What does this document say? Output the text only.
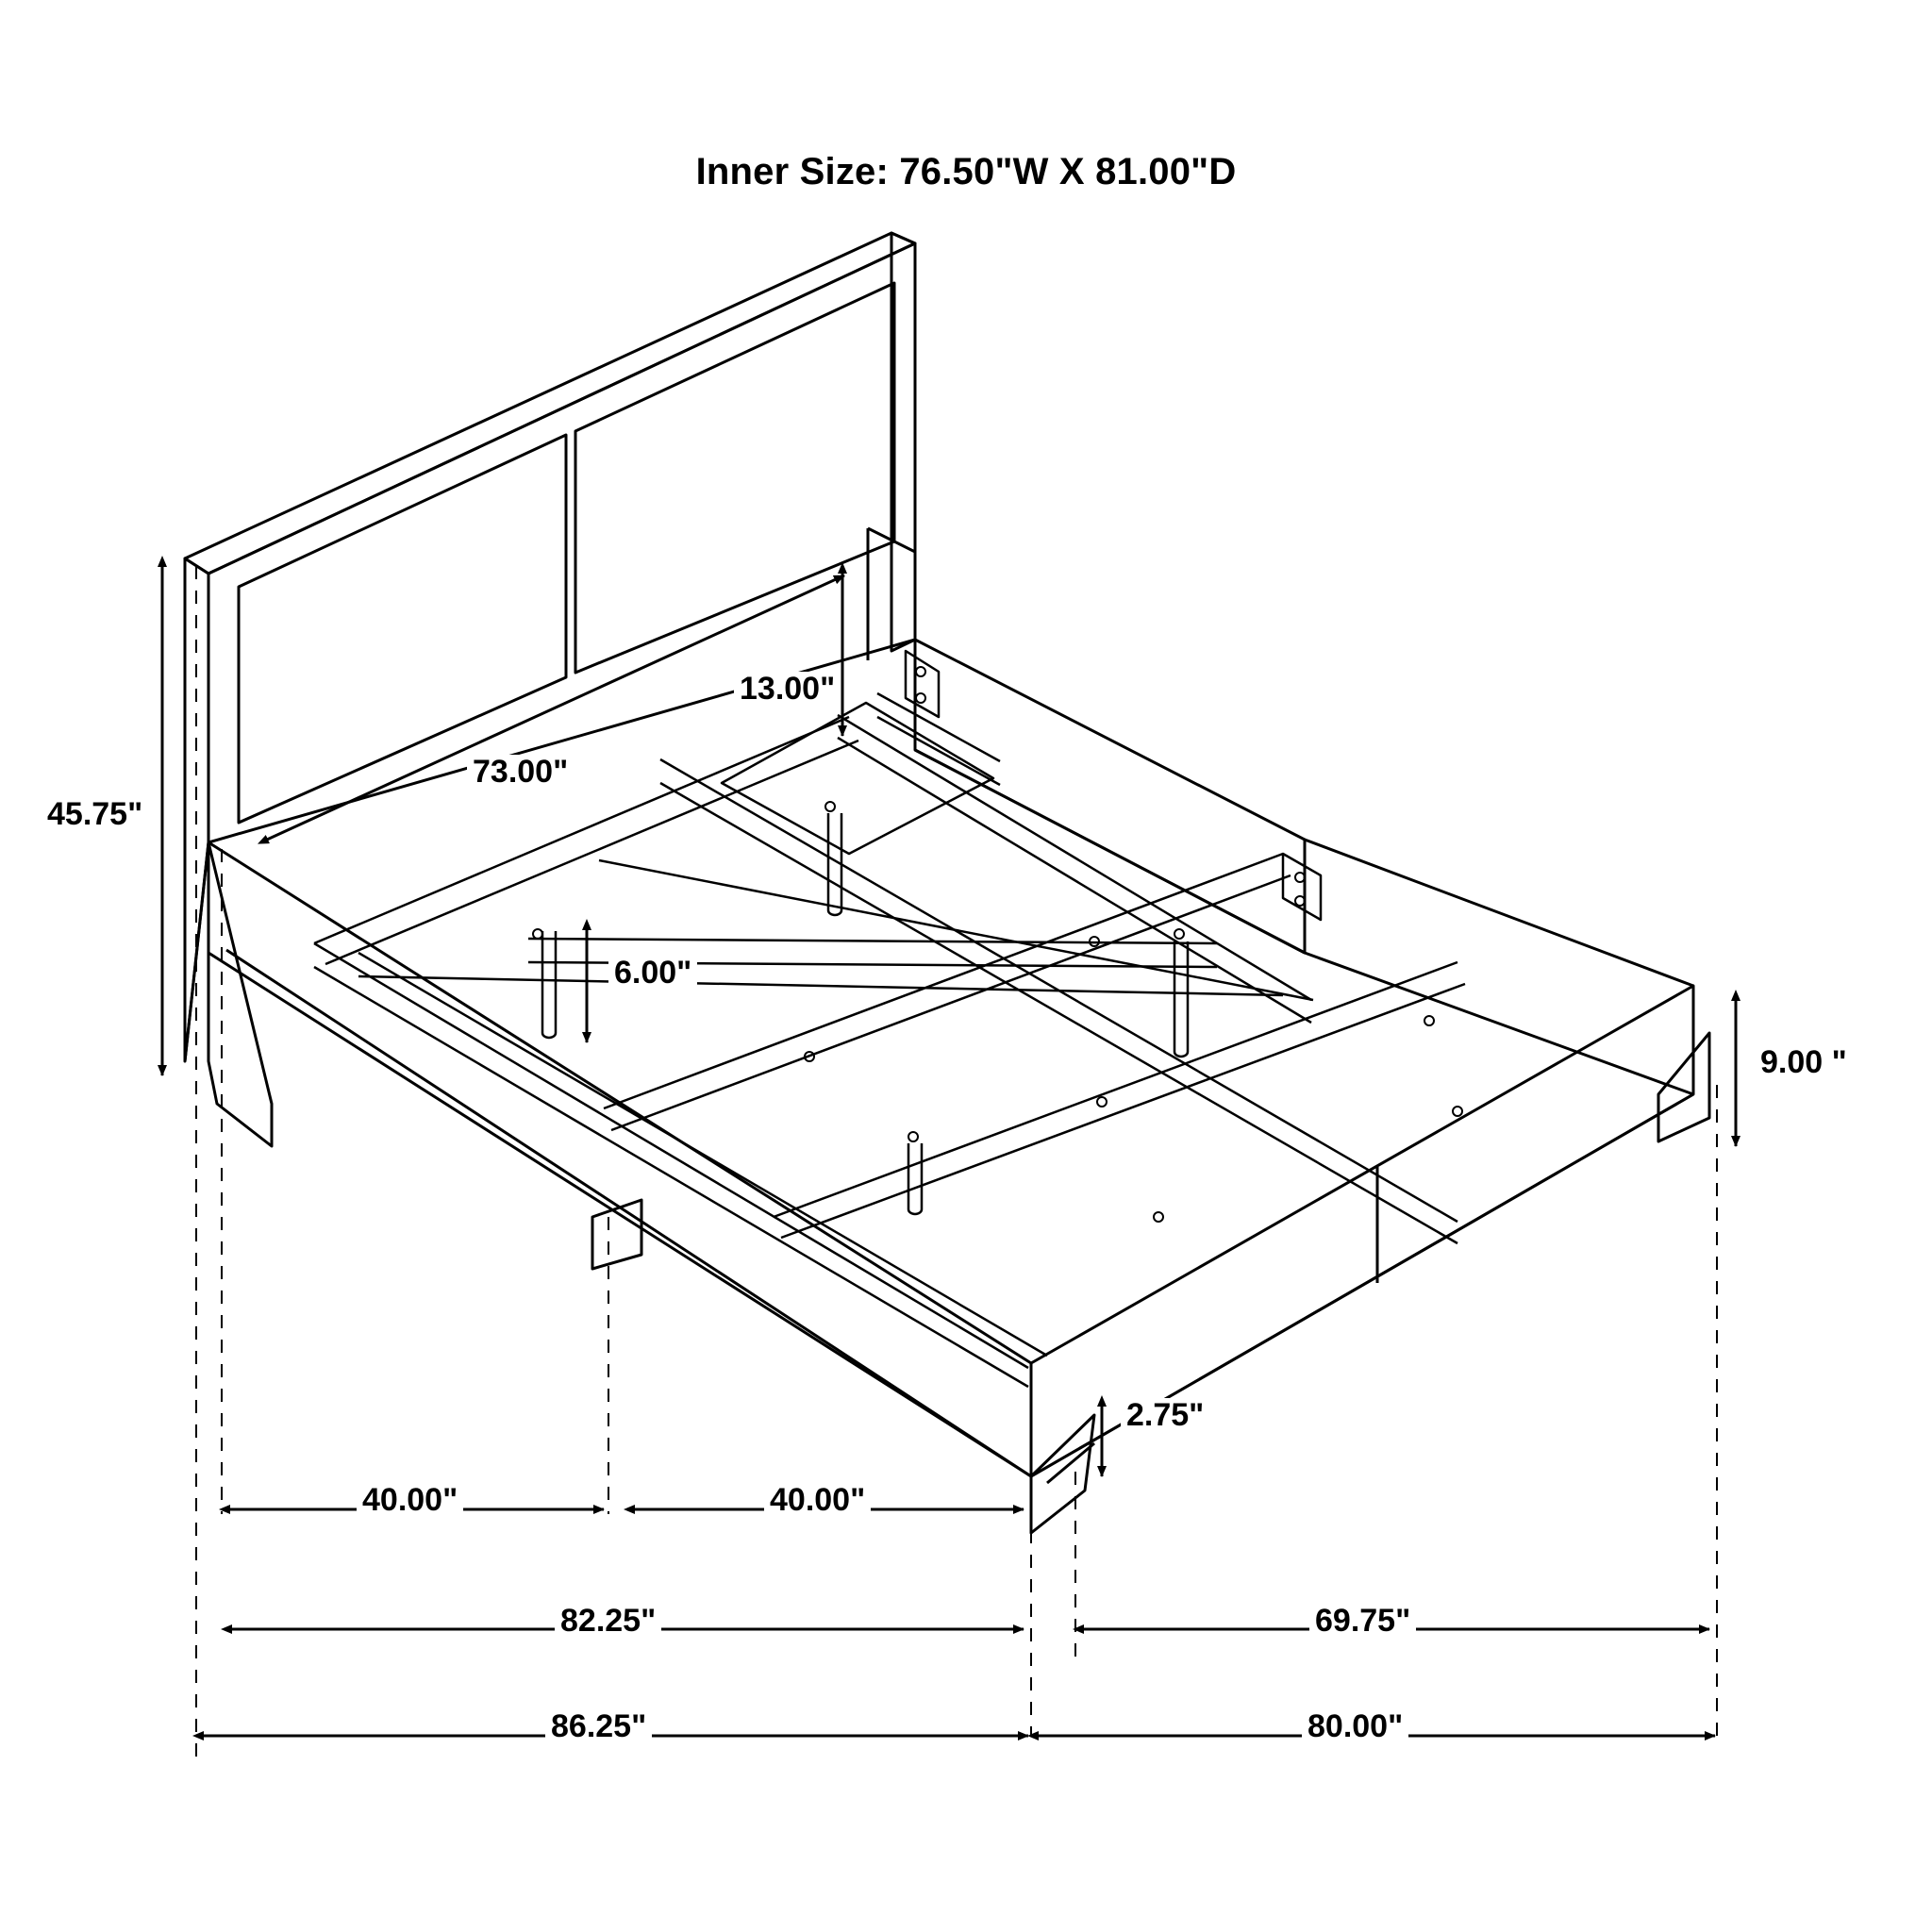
Inner Size: 76.50"W X 81.00"D
45.75"
73.00"
13.00"
6.00"
9.00 "
2.75"
40.00"	40.00"
82.25"	69.75"
86.25"	80.00"
